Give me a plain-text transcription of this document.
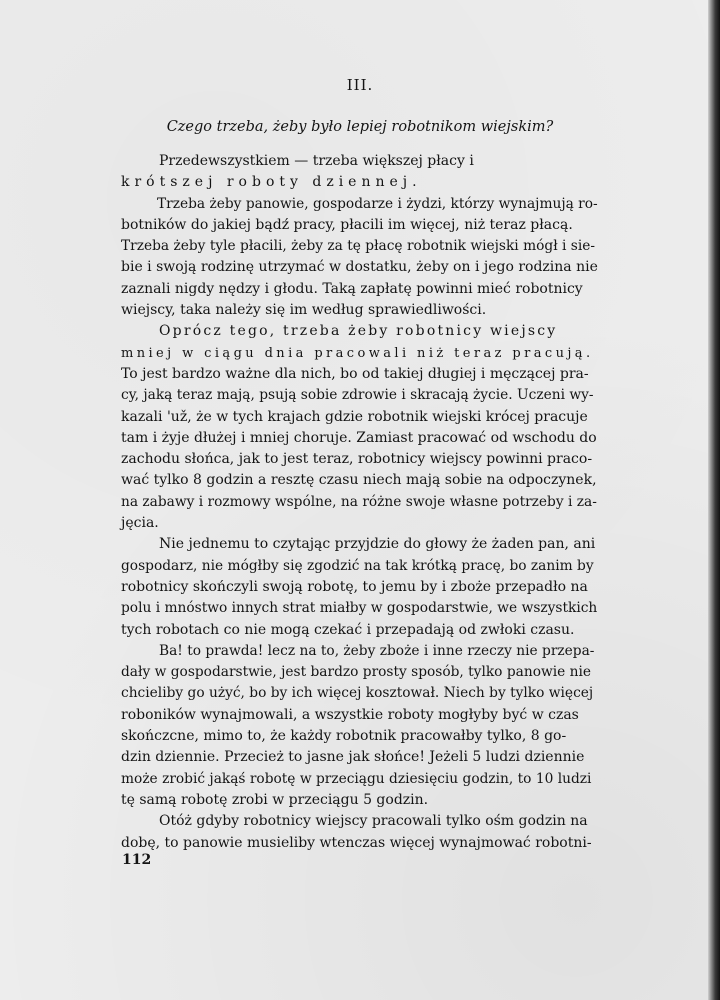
III.
Czego trzeba, żeby było lepiej robotnikom wiejskim?
Przedewszystkiem — trzeba większej płacy i
krótszej roboty dziennej.
Trzeba żeby panowie, gospodarze i żydzi, którzy wynajmują ro-
botników do jakiej bądź pracy, płacili im więcej, niż teraz płacą.
Trzeba żeby tyle płacili, żeby za tę płacę robotnik wiejski mógł i sie-
bie i swoją rodzinę utrzymać w dostatku, żeby on i jego rodzina nie
zaznali nigdy nędzy i głodu. Taką zapłatę powinni mieć robotnicy
wiejscy, taka należy się im według sprawiedliwości.
Oprócz tego, trzeba żeby robotnicy wiejscy
mniej w ciągu dnia pracowali niż teraz pracują.
To jest bardzo ważne dla nich, bo od takiej długiej i męczącej pra-
cy, jaką teraz mają, psują sobie zdrowie i skracają życie. Uczeni wy-
kazali 'už, że w tych krajach gdzie robotnik wiejski krócej pracuje
tam i żyje dłużej i mniej choruje. Zamiast pracować od wschodu do
zachodu słońca, jak to jest teraz, robotnicy wiejscy powinni praco-
wać tylko 8 godzin a resztę czasu niech mają sobie na odpoczynek,
na zabawy i rozmowy wspólne, na różne swoje własne potrzeby i za-
jęcia.
Nie jednemu to czytając przyjdzie do głowy że żaden pan, ani
gospodarz, nie mógłby się zgodzić na tak krótką pracę, bo zanim by
robotnicy skończyli swoją robotę, to jemu by i zboże przepadło na
polu i mnóstwo innych strat miałby w gospodarstwie, we wszystkich
tych robotach co nie mogą czekać i przepadają od zwłoki czasu.
Ba! to prawda! lecz na to, żeby zboże i inne rzeczy nie przepa-
dały w gospodarstwie, jest bardzo prosty sposób, tylko panowie nie
chcieliby go użyć, bo by ich więcej kosztował. Niech by tylko więcej
roboników wynajmowali, a wszystkie roboty mogłyby być w czas
skończcne, mimo to, że każdy robotnik pracowałby tylko, 8 go-
dzin dziennie. Przecież to jasne jak słońce! Jeżeli 5 ludzi dziennie
może zrobić jakąś robotę w przeciągu dziesięciu godzin, to 10 ludzi
tę samą robotę zrobi w przeciągu 5 godzin.
Otóż gdyby robotnicy wiejscy pracowali tylko ośm godzin na
dobę, to panowie musieliby wtenczas więcej wynajmować robotni-
112
